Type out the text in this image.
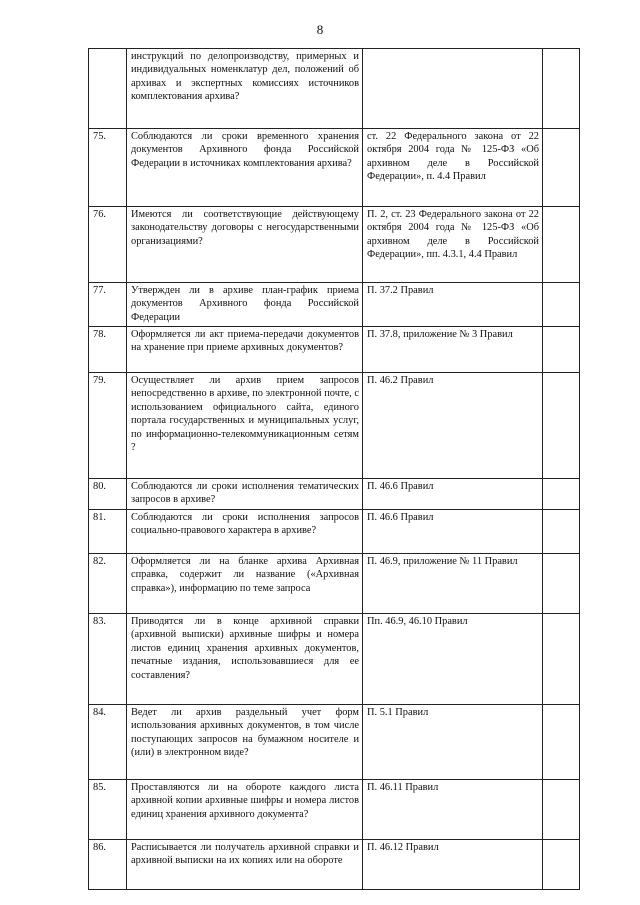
8
	инструкций по делопроизводству, примерных и индивидуальных номенклатур дел, положений об архивах и экспертных комиссиях источников комплектования архива?		
75.	Соблюдаются ли сроки временного хранения документов Архивного фонда Российской Федерации в источниках комплектования архива?	ст. 22 Федерального закона от 22 октября 2004 года № 125-ФЗ «Об архивном деле в Российской Федерации», п. 4.4 Правил	
76.	Имеются ли соответствующие действующему законодательству договоры с негосударственными организациями?	П. 2, ст. 23 Федерального закона от 22 октября 2004 года № 125-ФЗ «Об архивном деле в Российской Федерации», пп. 4.3.1, 4.4 Правил	
77.	Утвержден ли в архиве план-график приема документов Архивного фонда Российской Федерации	П. 37.2 Правил	
78.	Оформляется ли акт приема-передачи документов на хранение при приеме архивных документов?	П. 37.8, приложение № 3 Правил	
79.	Осуществляет ли архив прием запросов непосредственно в архиве, по электронной почте, с использованием официального сайта, единого портала государственных и муниципальных услуг, по информационно-телекоммуникационным сетям ?	П. 46.2 Правил	
80.	Соблюдаются ли сроки исполнения тематических запросов в архиве?	П. 46.6 Правил	
81.	Соблюдаются ли сроки исполнения запросов социально-правового характера в архиве?	П. 46.6 Правил	
82.	Оформляется ли на бланке архива Архивная справка, содержит ли название («Архивная справка»), информацию по теме запроса	П. 46.9, приложение № 11 Правил	
83.	Приводятся ли в конце архивной справки (архивной выписки) архивные шифры и номера листов единиц хранения архивных документов, печатные издания, использовавшиеся для ее составления?	Пп. 46.9, 46.10 Правил	
84.	Ведет ли архив раздельный учет форм использования архивных документов, в том числе поступающих запросов на бумажном носителе и (или) в электронном виде?	П. 5.1 Правил	
85.	Проставляются ли на обороте каждого листа архивной копии архивные шифры и номера листов единиц хранения архивного документа?	П. 46.11 Правил	
86.	Расписывается ли получатель архивной справки и архивной выписки на их копиях или на обороте	П. 46.12 Правил	
